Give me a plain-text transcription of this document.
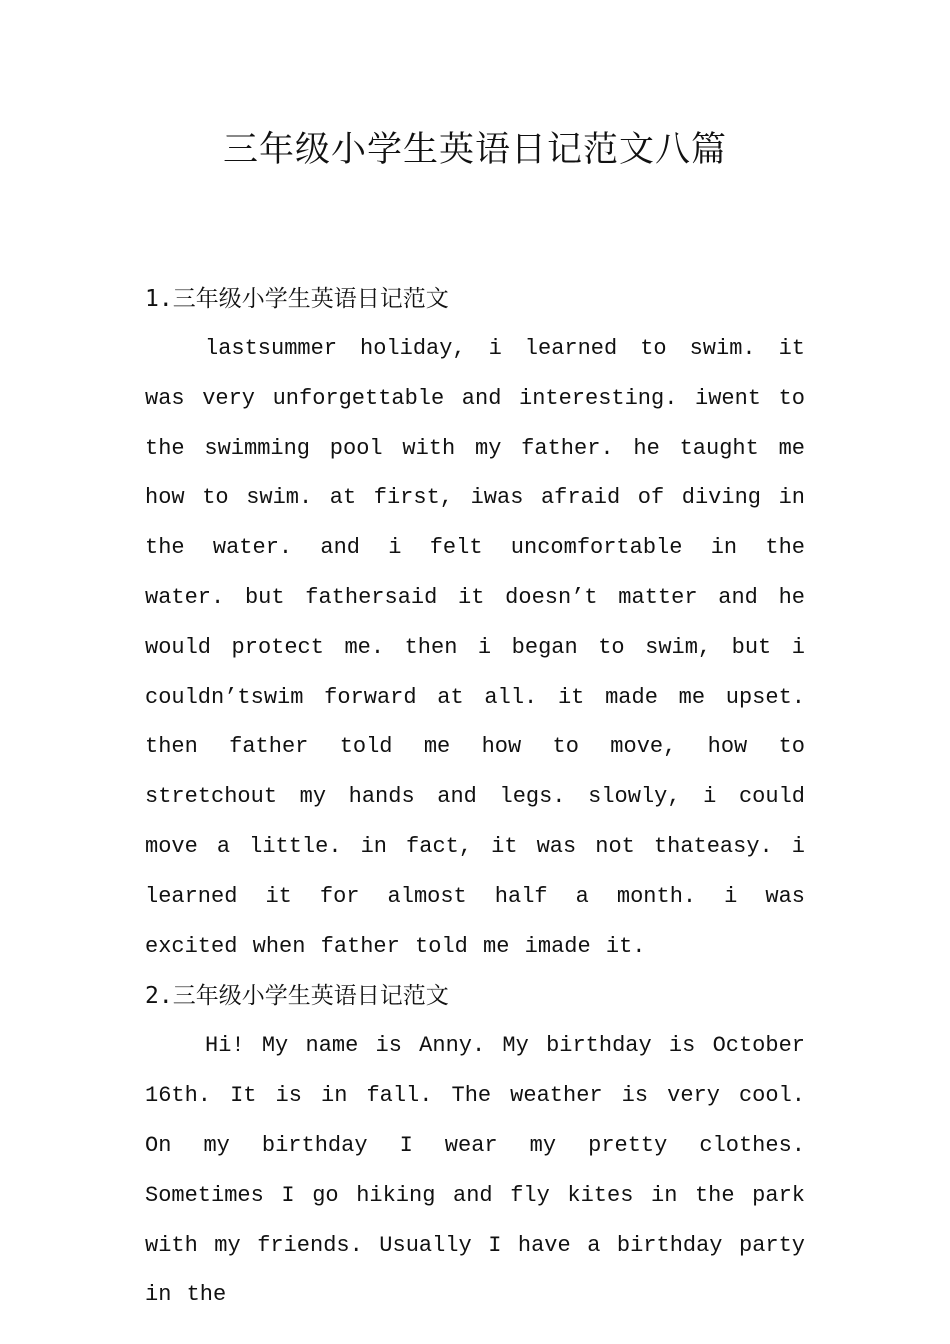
三年级小学生英语日记范文八篇
1.三年级小学生英语日记范文

lastsummer holiday, i learned to swim. it was very unforgettable and interesting. iwent to the swimming pool with my father. he taught me how to swim. at first, iwas afraid of diving in the water. and i felt uncomfortable in the water. but fathersaid it doesn’t matter and he would protect me. then i began to swim, but i couldn’tswim forward at all. it made me upset. then father told me how to move, how to stretchout my hands and legs. slowly, i could move a little. in fact, it was not thateasy. i learned it for almost half a month. i was excited when father told me imade it.

2.三年级小学生英语日记范文

Hi! My name is Anny. My birthday is October 16th. It is in fall. The weather is very cool. On my birthday I wear my pretty clothes. Sometimes I go hiking and fly kites in the park with my friends. Usually I have a birthday party in the
